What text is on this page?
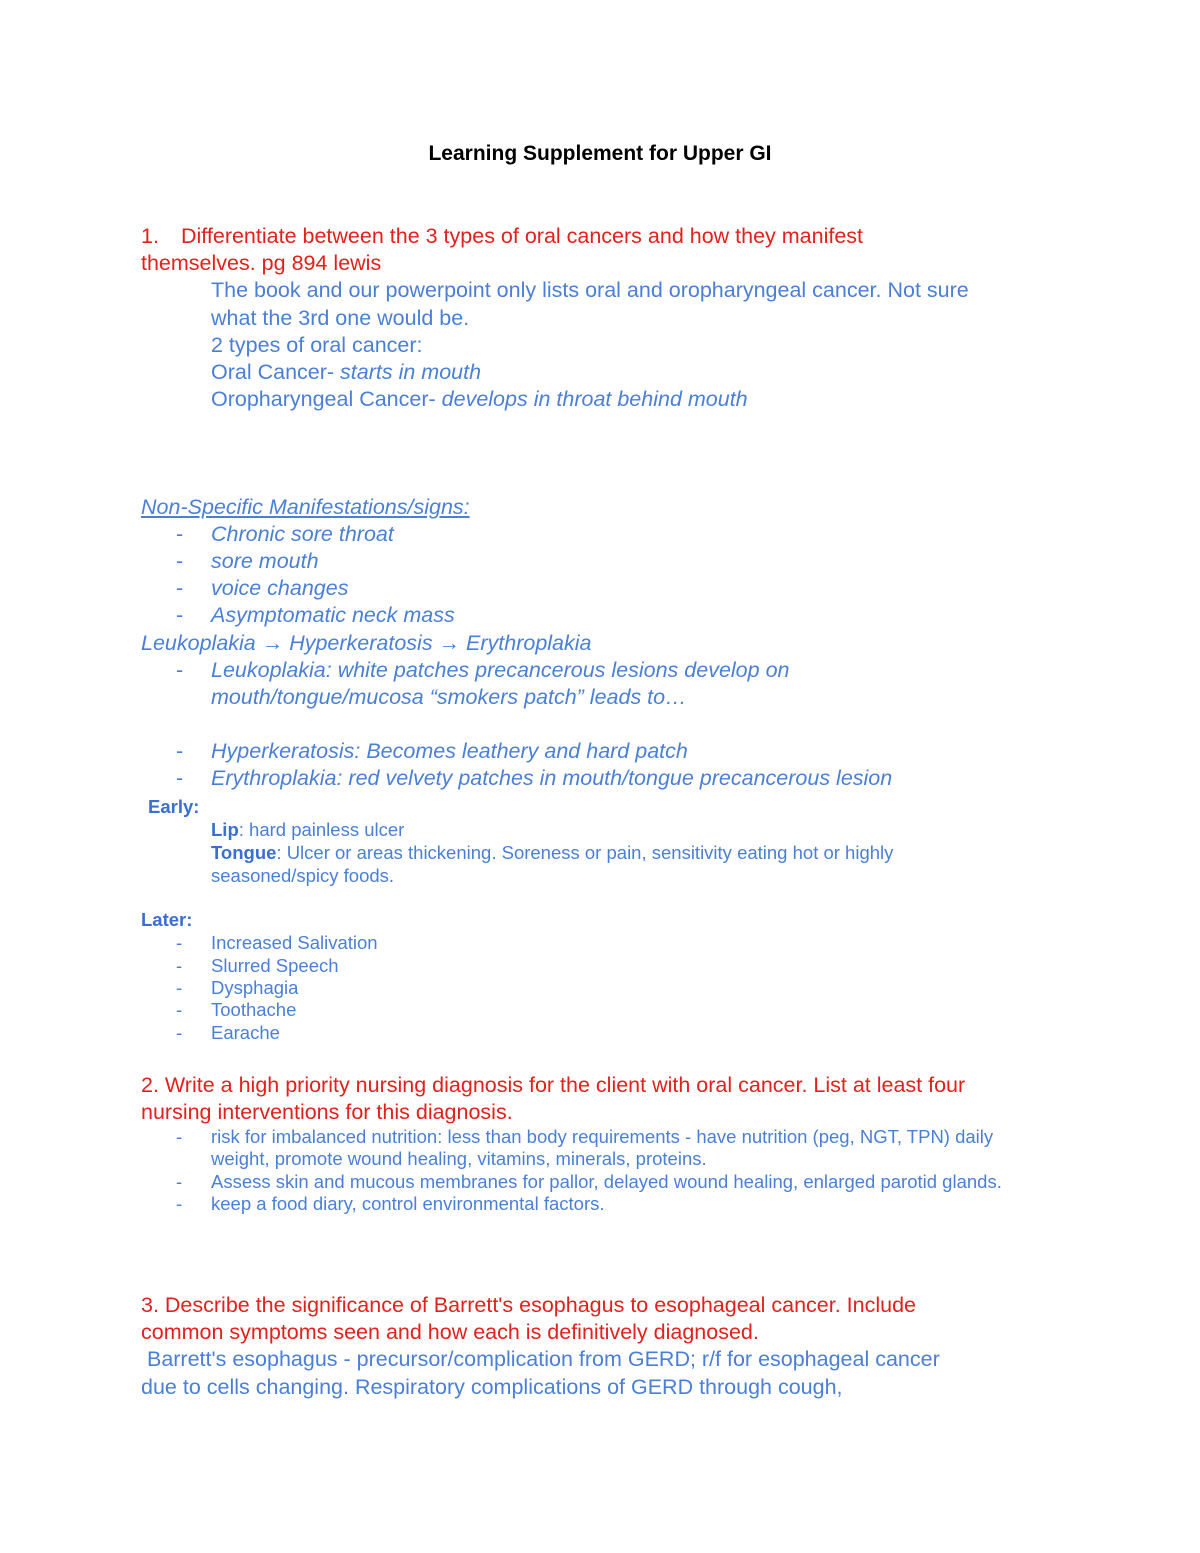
Learning Supplement for Upper GI
1. Differentiate between the 3 types of oral cancers and how they manifest
themselves. pg 894 lewis
The book and our powerpoint only lists oral and oropharyngeal cancer. Not sure
what the 3rd one would be.
2 types of oral cancer:
Oral Cancer- starts in mouth
Oropharyngeal Cancer- develops in throat behind mouth
Non-Specific Manifestations/signs:
- Chronic sore throat
- sore mouth
- voice changes
- Asymptomatic neck mass
Leukoplakia → Hyperkeratosis → Erythroplakia
- Leukoplakia: white patches precancerous lesions develop on
mouth/tongue/mucosa “smokers patch” leads to…
- Hyperkeratosis: Becomes leathery and hard patch
- Erythroplakia: red velvety patches in mouth/tongue precancerous lesion
Early:
Lip: hard painless ulcer
Tongue: Ulcer or areas thickening. Soreness or pain, sensitivity eating hot or highly
seasoned/spicy foods.
Later:
- Increased Salivation
- Slurred Speech
- Dysphagia
- Toothache
- Earache
2. Write a high priority nursing diagnosis for the client with oral cancer. List at least four
nursing interventions for this diagnosis.
- risk for imbalanced nutrition: less than body requirements - have nutrition (peg, NGT, TPN) daily
weight, promote wound healing, vitamins, minerals, proteins.
- Assess skin and mucous membranes for pallor, delayed wound healing, enlarged parotid glands.
- keep a food diary, control environmental factors.
3. Describe the significance of Barrett's esophagus to esophageal cancer. Include
common symptoms seen and how each is definitively diagnosed.
Barrett's esophagus - precursor/complication from GERD; r/f for esophageal cancer
due to cells changing. Respiratory complications of GERD through cough,
